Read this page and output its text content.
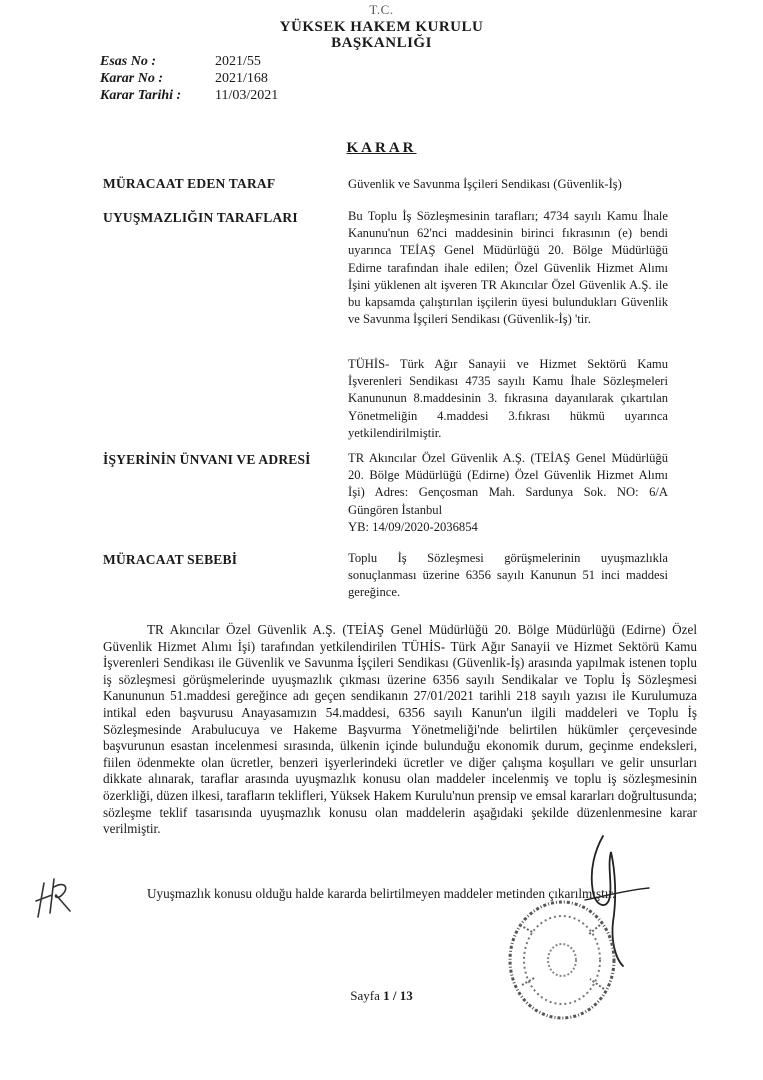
T.C.
YÜKSEK HAKEM KURULU
BAŞKANLIĞI
Esas No :	2021/55
Karar No :	2021/168
Karar Tarihi :	11/03/2021
KARAR
MÜRACAAT EDEN TARAF	Güvenlik ve Savunma İşçileri Sendikası (Güvenlik-İş)
UYUŞMAZLIĞIN TARAFLARI	Bu Toplu İş Sözleşmesinin tarafları; 4734 sayılı Kamu İhale Kanunu'nun 62'nci maddesinin birinci fıkrasının (e) bendi uyarınca TEİAŞ Genel Müdürlüğü 20. Bölge Müdürlüğü Edirne tarafından ihale edilen; Özel Güvenlik Hizmet Alımı İşini yüklenen alt işveren TR Akıncılar Özel Güvenlik A.Ş. ile bu kapsamda çalıştırılan işçilerin üyesi bulundukları Güvenlik ve Savunma İşçileri Sendikası (Güvenlik-İş) 'tir.
TÜHİS- Türk Ağır Sanayii ve Hizmet Sektörü Kamu İşverenleri Sendikası 4735 sayılı Kamu İhale Sözleşmeleri Kanununun 8.maddesinin 3. fıkrasına dayanılarak çıkartılan Yönetmeliğin 4.maddesi 3.fıkrası hükmü uyarınca yetkilendirilmiştir.
İŞYERİNİN ÜNVANI VE ADRESİ	TR Akıncılar Özel Güvenlik A.Ş. (TEİAŞ Genel Müdürlüğü 20. Bölge Müdürlüğü (Edirne) Özel Güvenlik Hizmet Alımı İşi) Adres: Gençosman Mah. Sardunya Sok. NO: 6/A Güngören İstanbul
YB: 14/09/2020-2036854
MÜRACAAT SEBEBİ	Toplu İş Sözleşmesi görüşmelerinin uyuşmazlıkla sonuçlanması üzerine 6356 sayılı Kanunun 51 inci maddesi gereğince.
TR Akıncılar Özel Güvenlik A.Ş. (TEİAŞ Genel Müdürlüğü 20. Bölge Müdürlüğü (Edirne) Özel Güvenlik Hizmet Alımı İşi) tarafından yetkilendirilen TÜHİS- Türk Ağır Sanayii ve Hizmet Sektörü Kamu İşverenleri Sendikası ile Güvenlik ve Savunma İşçileri Sendikası (Güvenlik-İş) arasında yapılmak istenen toplu iş sözleşmesi görüşmelerinde uyuşmazlık çıkması üzerine 6356 sayılı Sendikalar ve Toplu İş Sözleşmesi Kanununun 51.maddesi gereğince adı geçen sendikanın 27/01/2021 tarihli 218 sayılı yazısı ile Kurulumuza intikal eden başvurusu Anayasamızın 54.maddesi, 6356 sayılı Kanun'un ilgili maddeleri ve Toplu İş Sözleşmesinde Arabulucuya ve Hakeme Başvurma Yönetmeliği'nde belirtilen hükümler çerçevesinde başvurunun esastan incelenmesi sırasında, ülkenin içinde bulunduğu ekonomik durum, geçinme endeksleri, fiilen ödenmekte olan ücretler, benzeri işyerlerindeki ücretler ve diğer çalışma koşulları ve gelir unsurları dikkate alınarak, taraflar arasında uyuşmazlık konusu olan maddeler incelenmiş ve toplu iş sözleşmesinin özerkliği, düzen ilkesi, tarafların teklifleri, Yüksek Hakem Kurulu'nun prensip ve emsal kararları doğrultusunda; sözleşme teklif tasarısında uyuşmazlık konusu olan maddelerin aşağıdaki şekilde düzenlenmesine karar verilmiştir.
Uyuşmazlık konusu olduğu halde kararda belirtilmeyen maddeler metinden çıkarılmıştır.
Sayfa 1 / 13
